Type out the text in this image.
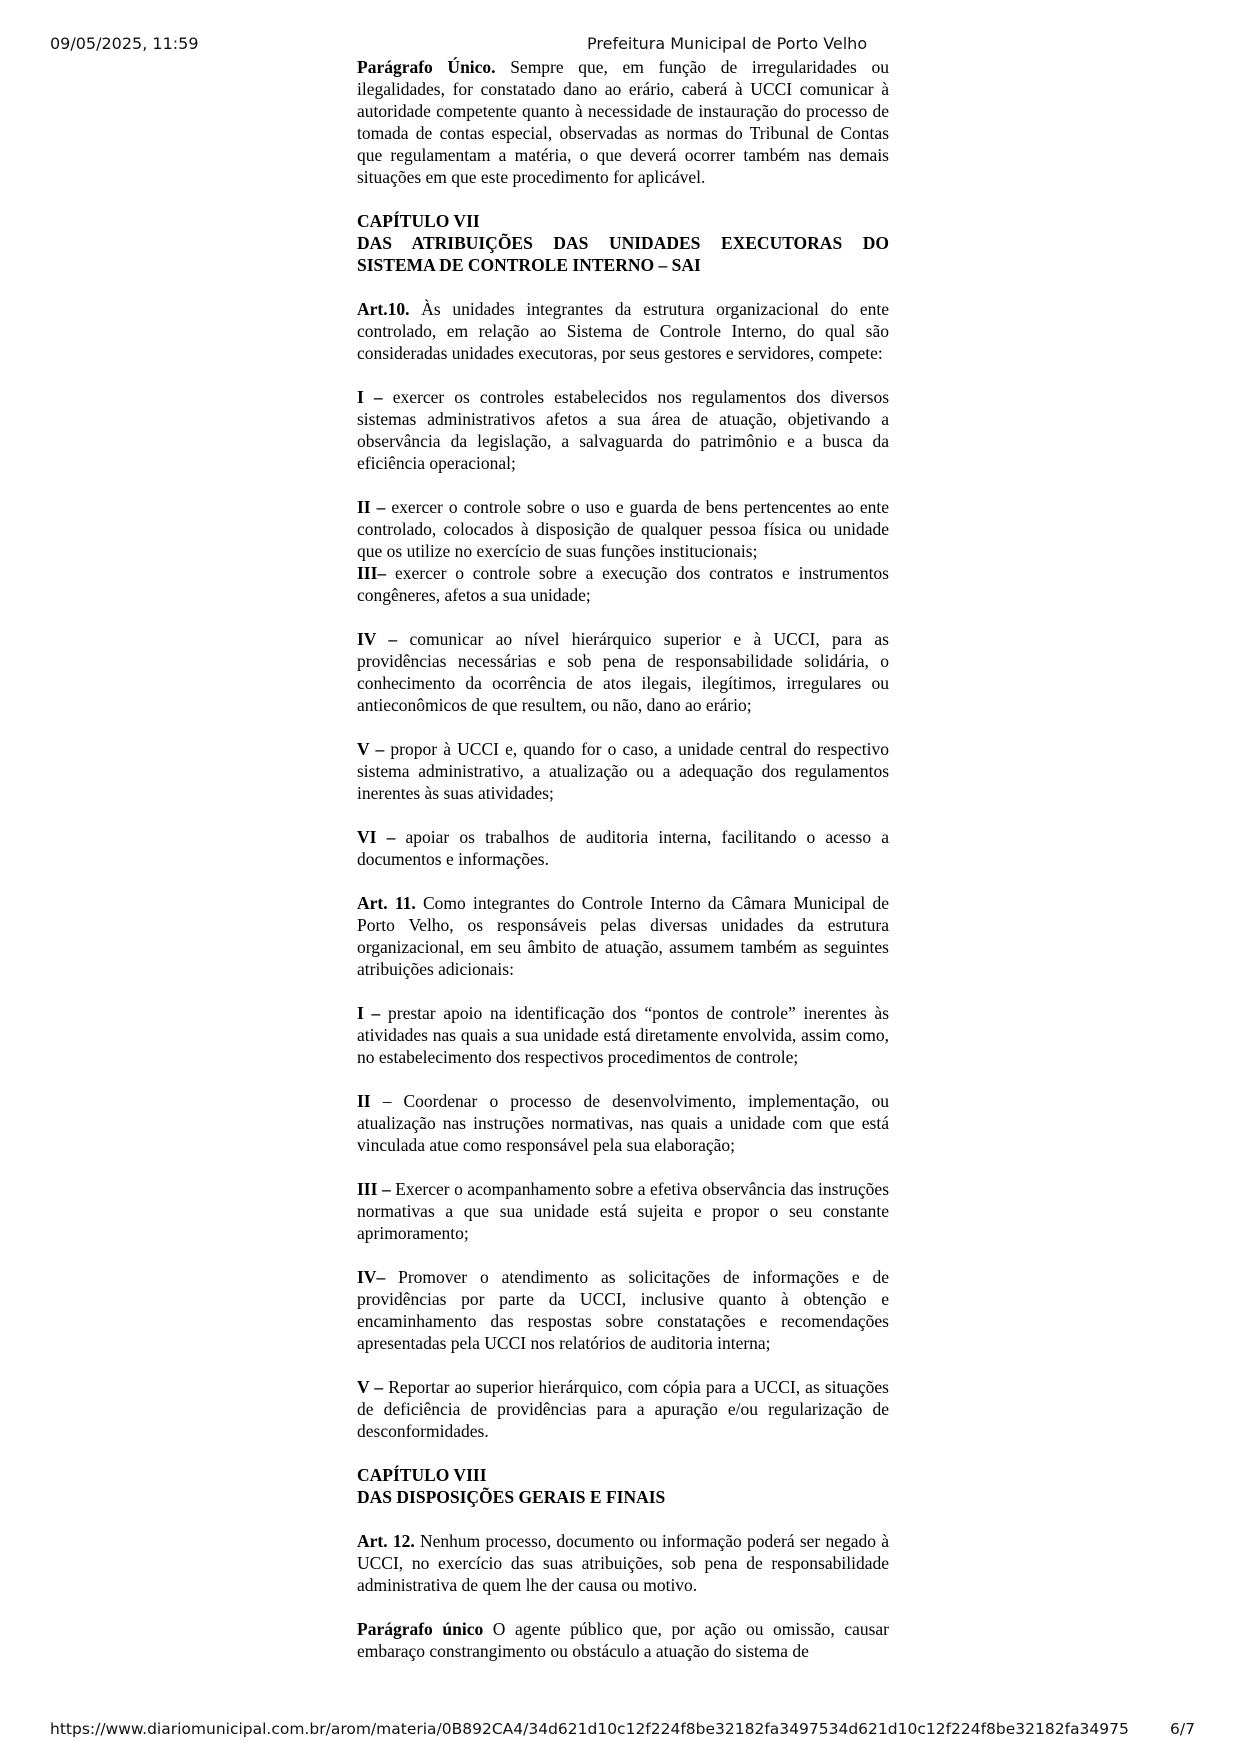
09/05/2025, 11:59	Prefeitura Municipal de Porto Velho

Parágrafo Único. Sempre que, em função de irregularidades ou ilegalidades, for constatado dano ao erário, caberá à UCCI comunicar à autoridade competente quanto à necessidade de instauração do processo de tomada de contas especial, observadas as normas do Tribunal de Contas que regulamentam a matéria, o que deverá ocorrer também nas demais situações em que este procedimento for aplicável.

CAPÍTULO VII
DAS ATRIBUIÇÕES DAS UNIDADES EXECUTORAS DO SISTEMA DE CONTROLE INTERNO – SAI

Art.10. Às unidades integrantes da estrutura organizacional do ente controlado, em relação ao Sistema de Controle Interno, do qual são consideradas unidades executoras, por seus gestores e servidores, compete:

I – exercer os controles estabelecidos nos regulamentos dos diversos sistemas administrativos afetos a sua área de atuação, objetivando a observância da legislação, a salvaguarda do patrimônio e a busca da eficiência operacional;

II – exercer o controle sobre o uso e guarda de bens pertencentes ao ente controlado, colocados à disposição de qualquer pessoa física ou unidade que os utilize no exercício de suas funções institucionais;

III– exercer o controle sobre a execução dos contratos e instrumentos congêneres, afetos a sua unidade;

IV – comunicar ao nível hierárquico superior e à UCCI, para as providências necessárias e sob pena de responsabilidade solidária, o conhecimento da ocorrência de atos ilegais, ilegítimos, irregulares ou antieconômicos de que resultem, ou não, dano ao erário;

V – propor à UCCI e, quando for o caso, a unidade central do respectivo sistema administrativo, a atualização ou a adequação dos regulamentos inerentes às suas atividades;

VI – apoiar os trabalhos de auditoria interna, facilitando o acesso a documentos e informações.

Art. 11. Como integrantes do Controle Interno da Câmara Municipal de Porto Velho, os responsáveis pelas diversas unidades da estrutura organizacional, em seu âmbito de atuação, assumem também as seguintes atribuições adicionais:

I – prestar apoio na identificação dos “pontos de controle” inerentes às atividades nas quais a sua unidade está diretamente envolvida, assim como, no estabelecimento dos respectivos procedimentos de controle;

II – Coordenar o processo de desenvolvimento, implementação, ou atualização nas instruções normativas, nas quais a unidade com que está vinculada atue como responsável pela sua elaboração;

III – Exercer o acompanhamento sobre a efetiva observância das instruções normativas a que sua unidade está sujeita e propor o seu constante aprimoramento;

IV– Promover o atendimento as solicitações de informações e de providências por parte da UCCI, inclusive quanto à obtenção e encaminhamento das respostas sobre constatações e recomendações apresentadas pela UCCI nos relatórios de auditoria interna;

V – Reportar ao superior hierárquico, com cópia para a UCCI, as situações de deficiência de providências para a apuração e/ou regularização de desconformidades.

CAPÍTULO VIII
DAS DISPOSIÇÕES GERAIS E FINAIS

Art. 12. Nenhum processo, documento ou informação poderá ser negado à UCCI, no exercício das suas atribuições, sob pena de responsabilidade administrativa de quem lhe der causa ou motivo.

Parágrafo único O agente público que, por ação ou omissão, causar embaraço constrangimento ou obstáculo a atuação do sistema de

https://www.diariomunicipal.com.br/arom/materia/0B892CA4/34d621d10c12f224f8be32182fa3497534d621d10c12f224f8be32182fa34975	6/7
